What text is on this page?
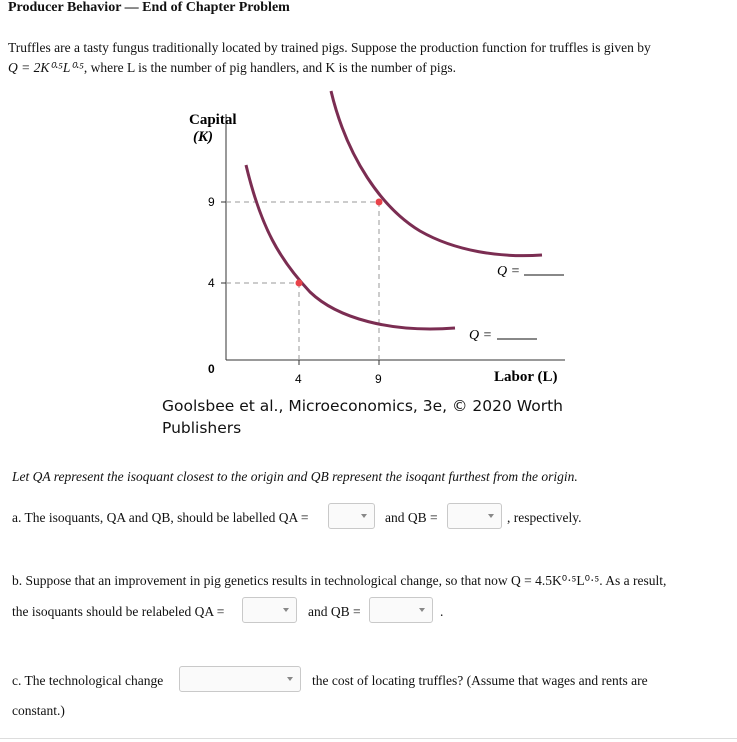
Producer Behavior — End of Chapter Problem
Truffles are a tasty fungus traditionally located by trained pigs. Suppose the production function for truffles is given by
Q = 2K⁰·⁵L⁰·⁵, where L is the number of pig handlers, and K is the number of pigs.
Capital
(K)
9
4
0
4	9	Labor (L)
Q =
Q =
Goolsbee et al., Microeconomics, 3e, © 2020 Worth
Publishers
Let QA represent the isoquant closest to the origin and QB represent the isoqant furthest from the origin.
a. The isoquants, QA and QB, should be labelled QA =	and QB =	, respectively.
b. Suppose that an improvement in pig genetics results in technological change, so that now Q = 4.5K⁰·⁵L⁰·⁵. As a result,
the isoquants should be relabeled QA =	and QB =	.
c. The technological change	the cost of locating truffles? (Assume that wages and rents are
constant.)
